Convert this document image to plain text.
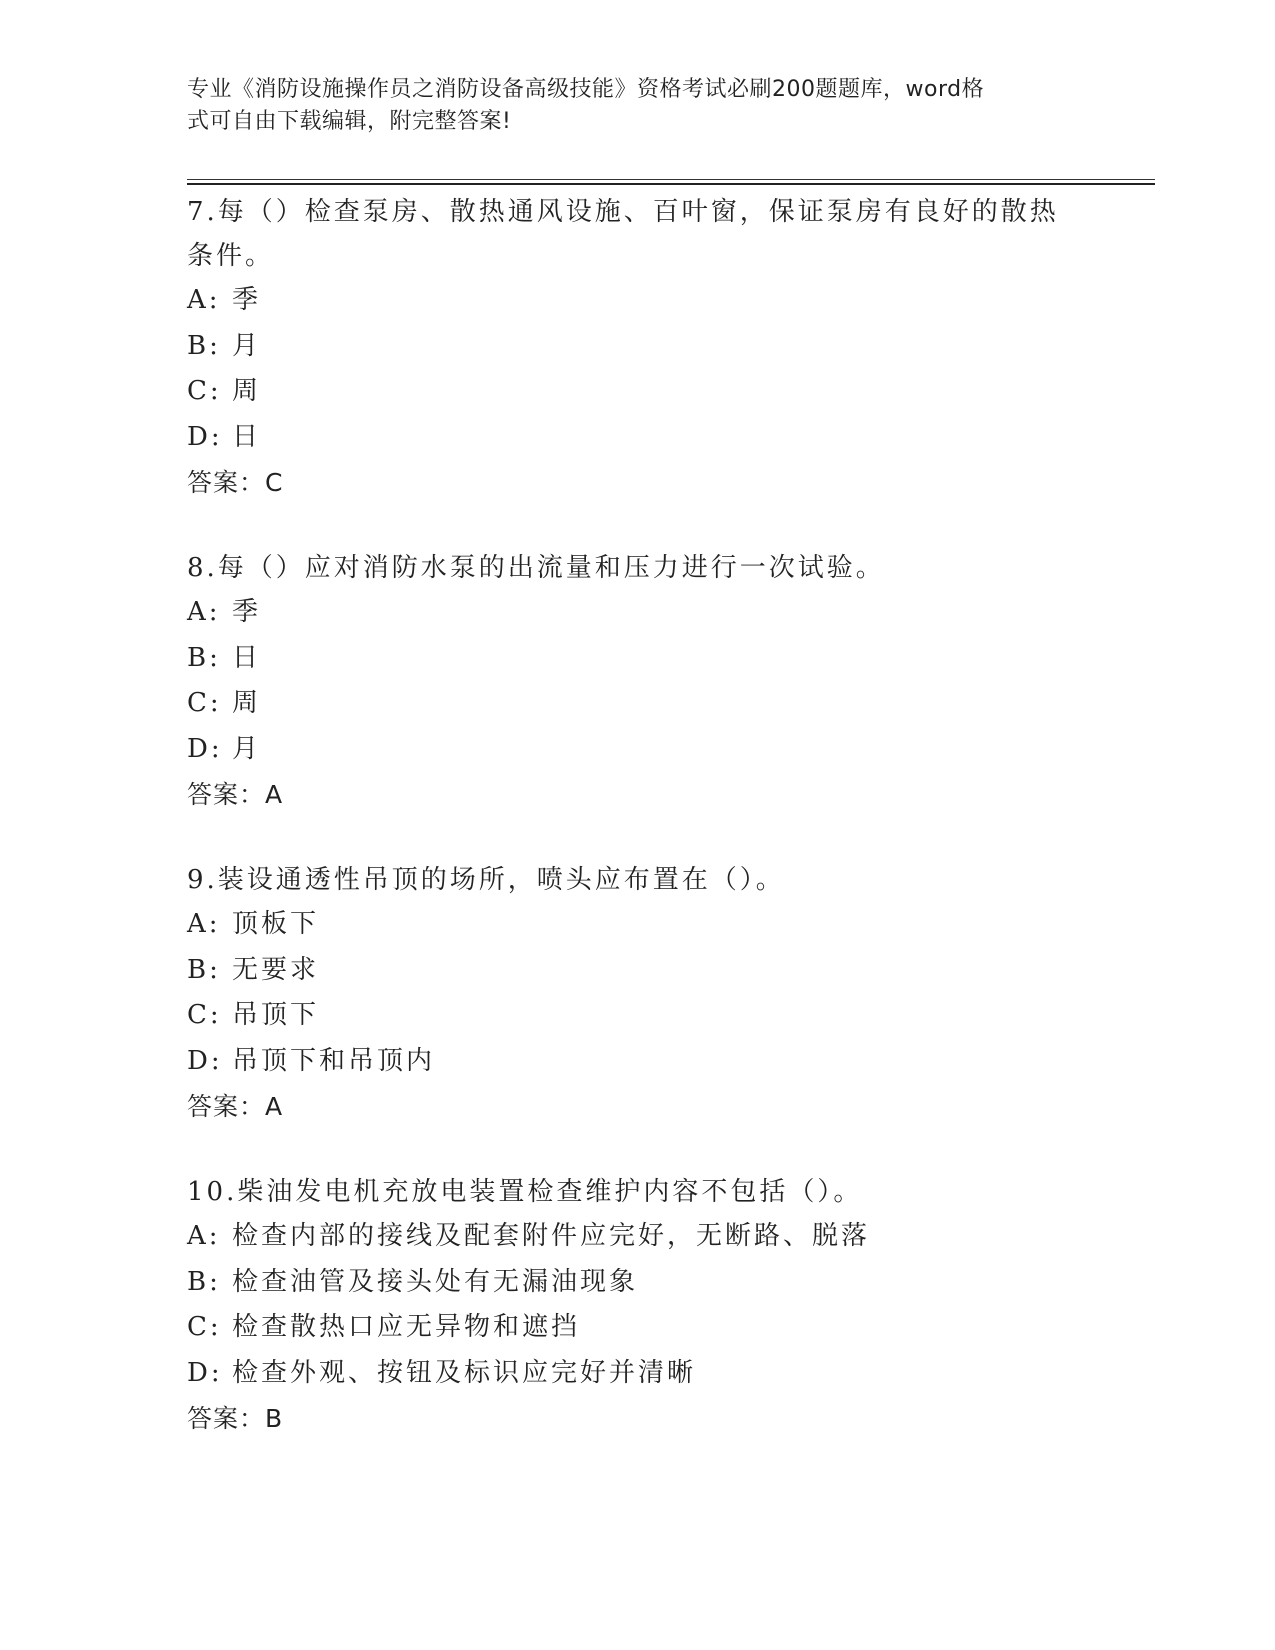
专业《消防设施操作员之消防设备高级技能》资格考试必刷200题题库，word格
式可自由下载编辑，附完整答案!

7.每（）检查泵房、散热通风设施、百叶窗，保证泵房有良好的散热
条件。

A: 季

B: 月

C: 周

D: 日

答案：C

8.每（）应对消防水泵的出流量和压力进行一次试验。

A: 季

B: 日

C: 周

D: 月

答案：A

9.装设通透性吊顶的场所，喷头应布置在（）。

A: 顶板下

B: 无要求

C: 吊顶下

D: 吊顶下和吊顶内

答案：A

10.柴油发电机充放电装置检查维护内容不包括（）。

A: 检查内部的接线及配套附件应完好，无断路、脱落

B: 检查油管及接头处有无漏油现象

C: 检查散热口应无异物和遮挡

D: 检查外观、按钮及标识应完好并清晰

答案：B
